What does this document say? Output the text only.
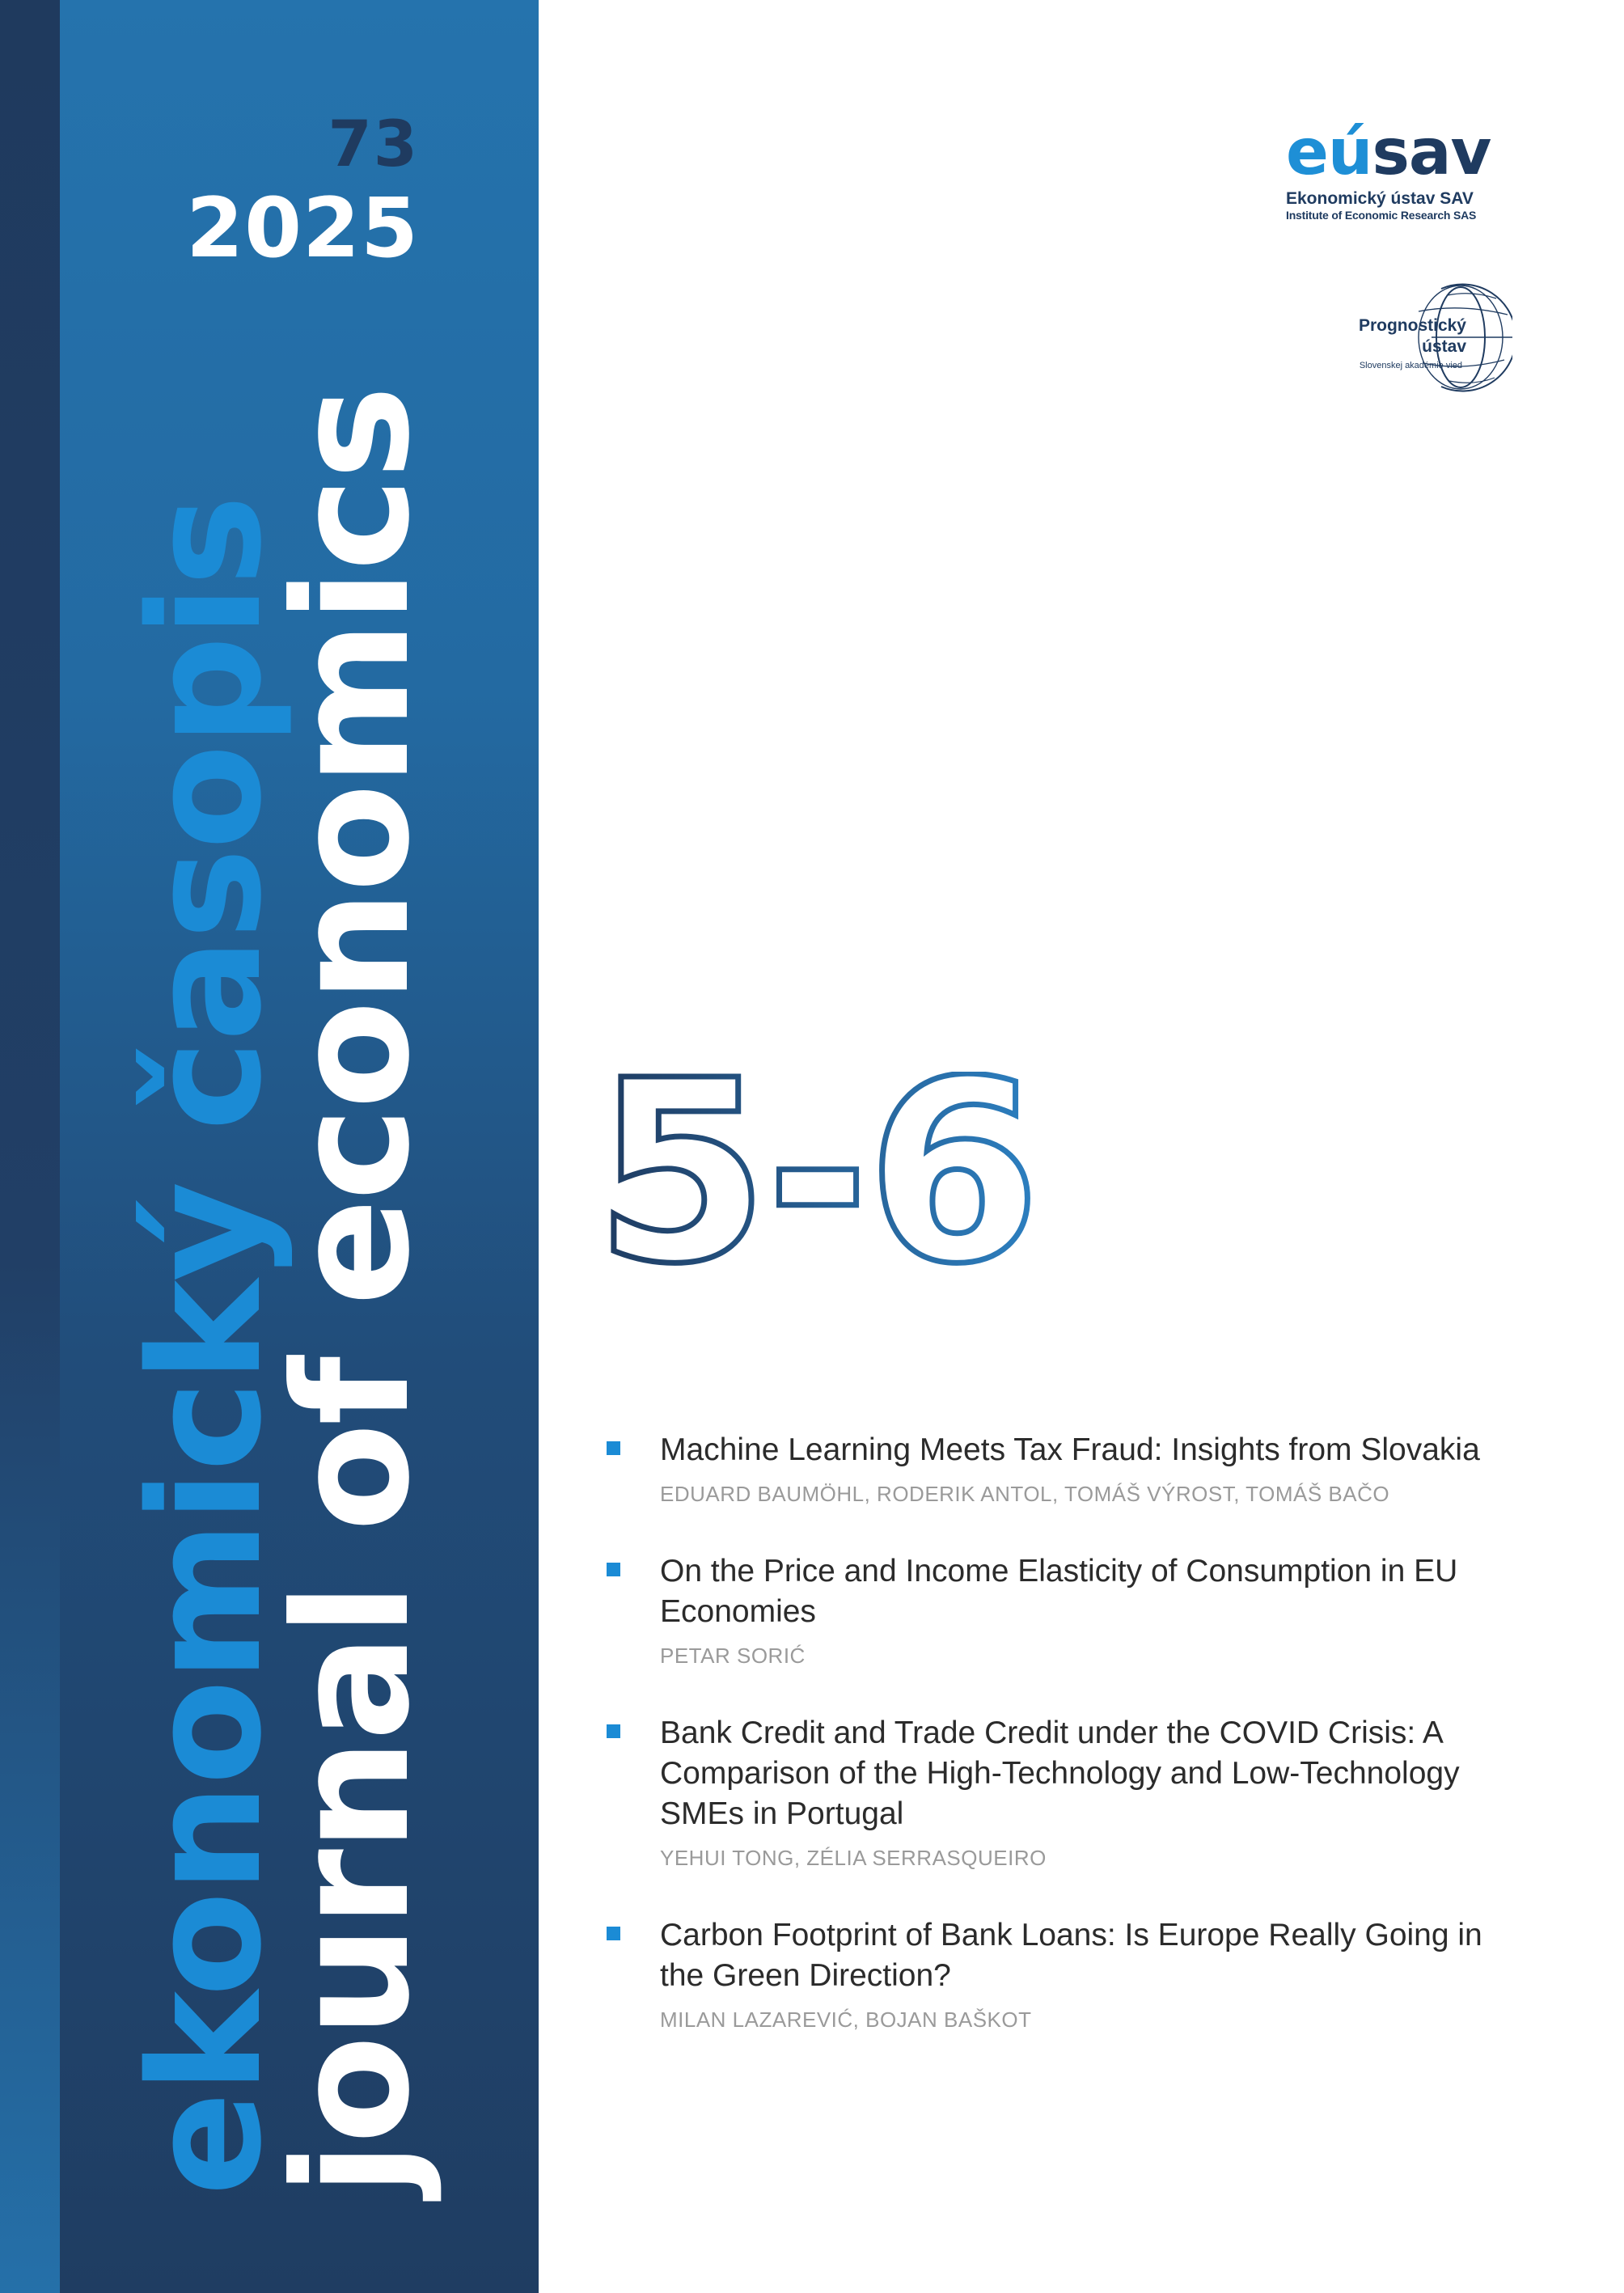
73
2025
ekonomický časopis
journal of economics
eúsav
Ekonomický ústav SAV
Institute of Economic Research SAS
Prognostický
ústav
Slovenskej akadémie vied
5-6
Machine Learning Meets Tax Fraud: Insights from Slovakia
EDUARD BAUMÖHL, RODERIK ANTOL, TOMÁŠ VÝROST, TOMÁŠ BAČO
On the Price and Income Elasticity of Consumption in EU Economies
PETAR SORIĆ
Bank Credit and Trade Credit under the COVID Crisis: A Comparison of the High-Technology and Low-Technology SMEs in Portugal
YEHUI TONG, ZÉLIA SERRASQUEIRO
Carbon Footprint of Bank Loans: Is Europe Really Going in the Green Direction?
MILAN LAZAREVIĆ, BOJAN BAŠKOT
